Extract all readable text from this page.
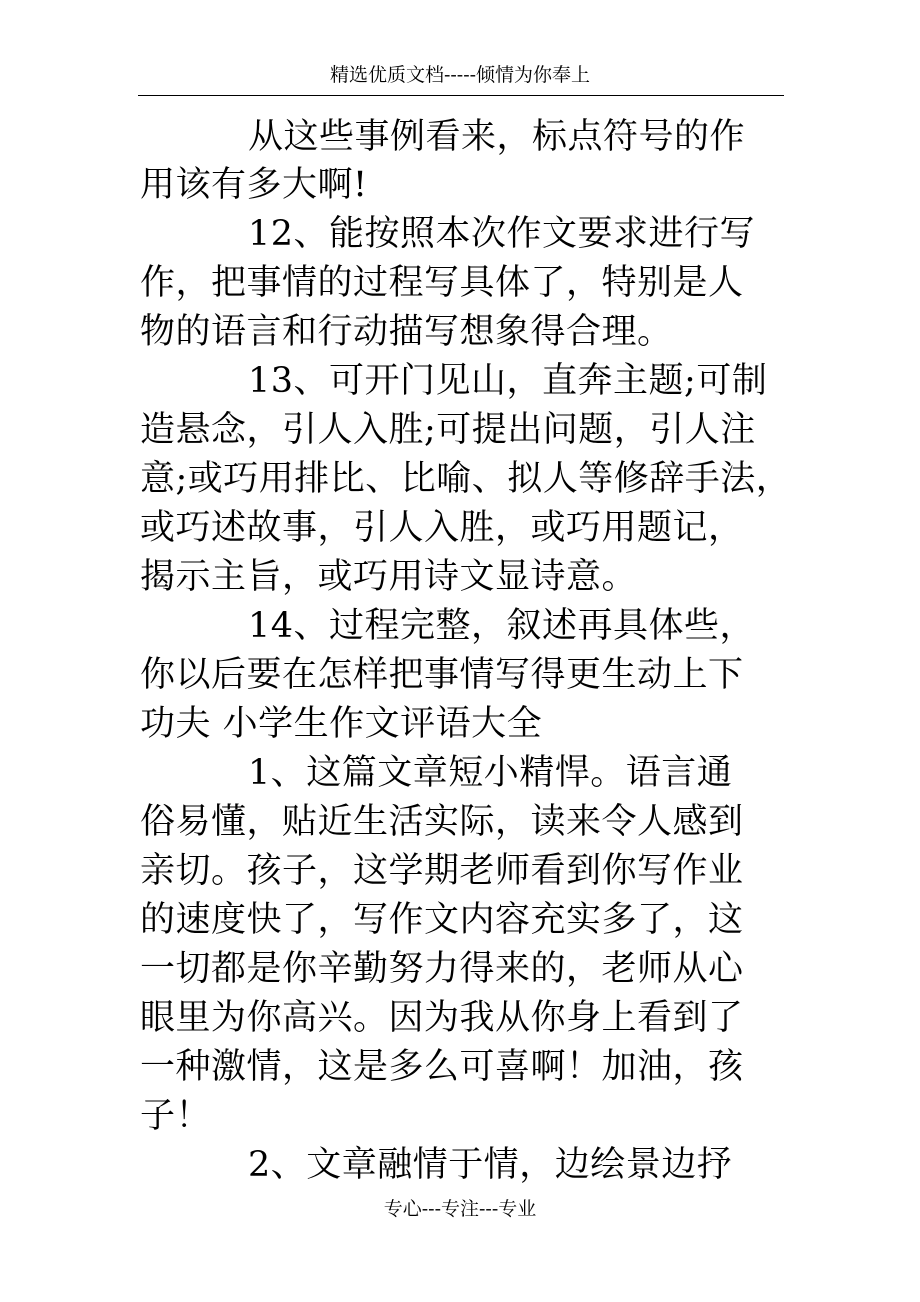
精选优质文档-----倾情为你奉上
从这些事例看来，标点符号的作
用该有多大啊!
12、能按照本次作文要求进行写
作，把事情的过程写具体了，特别是人
物的语言和行动描写想象得合理。
13、可开门见山，直奔主题;可制
造悬念，引人入胜;可提出问题，引人注
意;或巧用排比、比喻、拟人等修辞手法，
或巧述故事，引人入胜，或巧用题记，
揭示主旨，或巧用诗文显诗意。
14、过程完整，叙述再具体些，
你以后要在怎样把事情写得更生动上下
功夫 小学生作文评语大全
1、这篇文章短小精悍。语言通
俗易懂，贴近生活实际，读来令人感到
亲切。孩子，这学期老师看到你写作业
的速度快了，写作文内容充实多了，这
一切都是你辛勤努力得来的，老师从心
眼里为你高兴。因为我从你身上看到了
一种激情，这是多么可喜啊！加油，孩
子！
2、文章融情于情，边绘景边抒
专心---专注---专业
